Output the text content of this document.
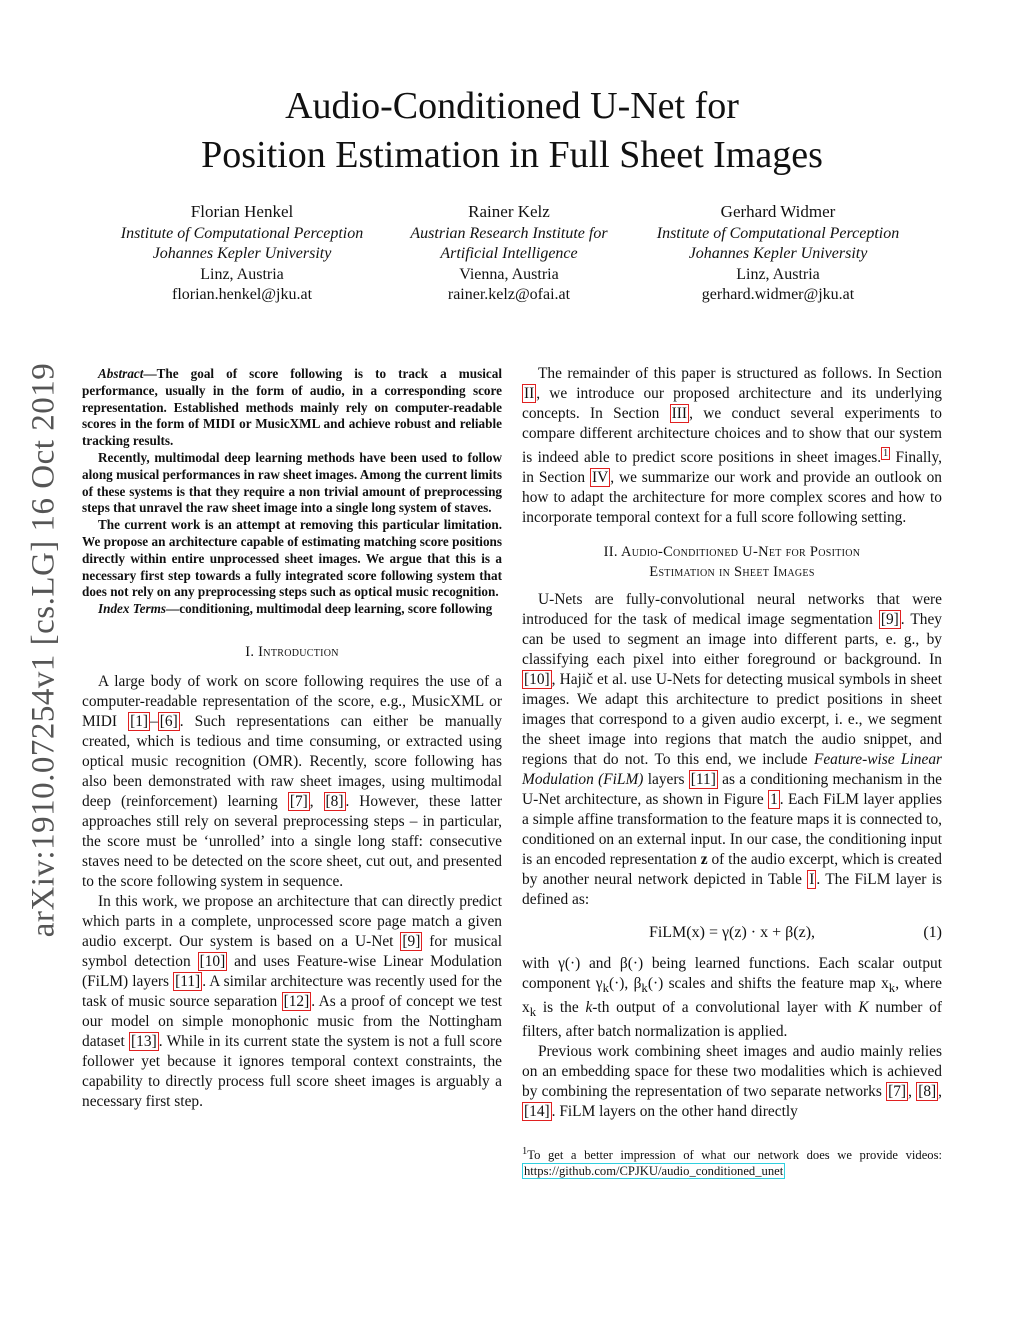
Audio-Conditioned U-Net for
Position Estimation in Full Sheet Images
Florian Henkel
Institute of Computational Perception
Johannes Kepler University
Linz, Austria
florian.henkel@jku.at
Rainer Kelz
Austrian Research Institute for
Artificial Intelligence
Vienna, Austria
rainer.kelz@ofai.at
Gerhard Widmer
Institute of Computational Perception
Johannes Kepler University
Linz, Austria
gerhard.widmer@jku.at
arXiv:1910.07254v1 [cs.LG] 16 Oct 2019	Abstract—The goal of score following is to track a musical performance, usually in the form of audio, in a corresponding score representation. Established methods mainly rely on computer-readable scores in the form of MIDI or MusicXML and achieve robust and reliable tracking results.

Recently, multimodal deep learning methods have been used to follow along musical performances in raw sheet images. Among the current limits of these systems is that they require a non trivial amount of preprocessing steps that unravel the raw sheet image into a single long system of staves.

The current work is an attempt at removing this particular limitation. We propose an architecture capable of estimating matching score positions directly within entire unprocessed sheet images. We argue that this is a necessary first step towards a fully integrated score following system that does not rely on any preprocessing steps such as optical music recognition.

Index Terms—conditioning, multimodal deep learning, score following

I. Introduction

A large body of work on score following requires the use of a computer-readable representation of the score, e.g., MusicXML or MIDI [1] – [6] . Such representations can either be manually created, which is tedious and time consuming, or extracted using optical music recognition (OMR). Recently, score following has also been demonstrated with raw sheet images, using multimodal deep (reinforcement) learning [7] , [8] . However, these latter approaches still rely on several preprocessing steps – in particular, the score must be ‘unrolled’ into a single long staff: consecutive staves need to be detected on the score sheet, cut out, and presented to the score following system in sequence.

In this work, we propose an architecture that can directly predict which parts in a complete, unprocessed score page match a given audio excerpt. Our system is based on a U-Net [9] for musical symbol detection [10] and uses Feature-wise Linear Modulation (FiLM) layers [11] . A similar architecture was recently used for the task of music source separation [12] . As a proof of concept we test our model on simple monophonic music from the Nottingham dataset [13] . While in its current state the system is not a full score follower yet because it ignores temporal context constraints, the capability to directly process full score sheet images is arguably a necessary first step.

The remainder of this paper is structured as follows. In Section II , we introduce our proposed architecture and its underlying concepts. In Section III , we conduct several experiments to compare different architecture choices and to show that our system is indeed able to predict score positions in sheet images. $^1$ Finally, in Section IV , we summarize our work and provide an outlook on how to adapt the architecture for more complex scores and how to incorporate temporal context for a full score following setting.

II. Audio-Conditioned U-Net for Position
Estimation in Sheet Images

U-Nets are fully-convolutional neural networks that were introduced for the task of medical image segmentation [9] . They can be used to segment an image into different parts, e. g., by classifying each pixel into either foreground or background. In [10] , Hajič et al. use U-Nets for detecting musical symbols in sheet images. We adapt this architecture to predict positions in sheet images that correspond to a given audio excerpt, i. e., we segment the sheet image into regions that match the audio snippet, and regions that do not. To this end, we include Feature-wise Linear Modulation (FiLM) layers [11] as a conditioning mechanism in the U-Net architecture, as shown in Figure 1 . Each FiLM layer applies a simple affine transformation to the feature maps it is connected to, conditioned on an external input. In our case, the conditioning input is an encoded representation z of the audio excerpt, which is created by another neural network depicted in Table I . The FiLM layer is defined as:

FiLM(x) = γ(z) · x + β(z),	(1)

with γ(·) and β(·) being learned functions. Each scalar output component $\gamma_k(\cdot)$, $\beta_k(\cdot)$ scales and shifts the feature map $x_k$, where $x_k$ is the k-th output of a convolutional layer with K number of filters, after batch normalization is applied.

Previous work combining sheet images and audio mainly relies on an embedding space for these two modalities which is achieved by combining the representation of two separate networks [7] , [8] , [14] . FiLM layers on the other hand directly

$^1$To get a better impression of what our network does we provide videos: https://github.com/CPJKU/audio_conditioned_unet
